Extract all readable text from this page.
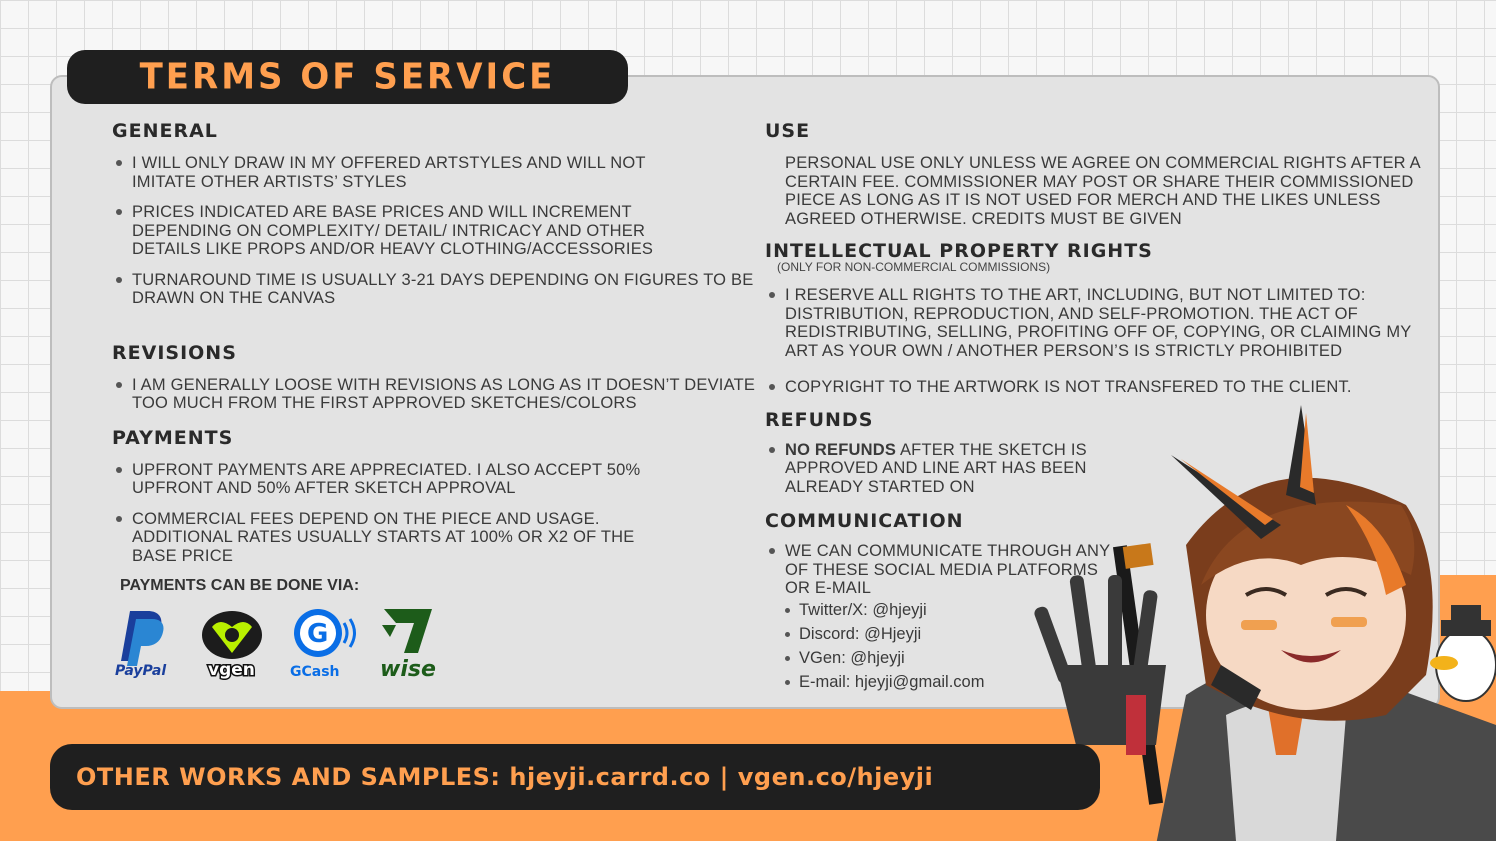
TERMS OF SERVICE
GENERAL
I WILL ONLY DRAW IN MY OFFERED ARTSTYLES AND WILL NOT IMITATE OTHER ARTISTS’ STYLES
PRICES INDICATED ARE BASE PRICES AND WILL INCREMENT DEPENDING ON COMPLEXITY/ DETAIL/ INTRICACY AND OTHER DETAILS LIKE PROPS AND/OR HEAVY CLOTHING/ACCESSORIES
TURNAROUND TIME IS USUALLY 3-21 DAYS DEPENDING ON FIGURES TO BE DRAWN ON THE CANVAS
REVISIONS
I AM GENERALLY LOOSE WITH REVISIONS AS LONG AS IT DOESN’T DEVIATE TOO MUCH FROM THE FIRST APPROVED SKETCHES/COLORS
PAYMENTS
UPFRONT PAYMENTS ARE APPRECIATED. I ALSO ACCEPT 50% UPFRONT AND 50% AFTER SKETCH APPROVAL
COMMERCIAL FEES DEPEND ON THE PIECE AND USAGE. ADDITIONAL RATES USUALLY STARTS AT 100% OR X2 OF THE BASE PRICE
PAYMENTS CAN BE DONE VIA:
PayPal vgen
G
GCash wise
USE
PERSONAL USE ONLY UNLESS WE AGREE ON COMMERCIAL RIGHTS AFTER A CERTAIN FEE. COMMISSIONER MAY POST OR SHARE THEIR COMMISSIONED PIECE AS LONG AS IT IS NOT USED FOR MERCH AND THE LIKES UNLESS AGREED OTHERWISE. CREDITS MUST BE GIVEN
INTELLECTUAL PROPERTY RIGHTS
(ONLY FOR NON-COMMERCIAL COMMISSIONS)
I RESERVE ALL RIGHTS TO THE ART, INCLUDING, BUT NOT LIMITED TO: DISTRIBUTION, REPRODUCTION, AND SELF-PROMOTION. THE ACT OF REDISTRIBUTING, SELLING, PROFITING OFF OF, COPYING, OR CLAIMING MY ART AS YOUR OWN / ANOTHER PERSON’S IS STRICTLY PROHIBITED
COPYRIGHT TO THE ARTWORK IS NOT TRANSFERED TO THE CLIENT.
REFUNDS
NO REFUNDS AFTER THE SKETCH IS APPROVED AND LINE ART HAS BEEN ALREADY STARTED ON
COMMUNICATION
WE CAN COMMUNICATE THROUGH ANY OF THESE SOCIAL MEDIA PLATFORMS OR E-MAIL
Twitter/X: @hjeyji
Discord: @Hjeyji
VGen: @hjeyji
E-mail: hjeyji@gmail.com
OTHER WORKS AND SAMPLES: hjeyji.carrd.co | vgen.co/hjeyji
